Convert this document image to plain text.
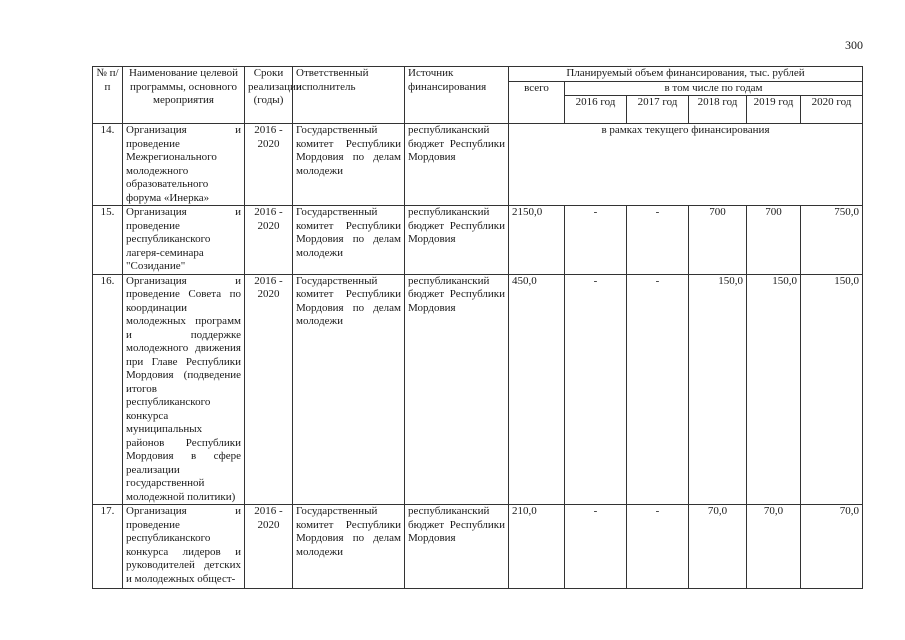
300
№ п/п	Наименование целевой программы, основного мероприятия	Сроки реализации (годы)	Ответственный исполнитель	Источник финансирования	Планируемый объем финансирования, тыс. рублей					
					всего	в том числе по годам				
						2016 год	2017 год	2018 год	2019 год	2020 год
14.	Организация и проведение Межрегионального молодежного образовательного форума «Инерка»	2016 - 2020	Государственный комитет Республики Мордовия по делам молодежи	республиканский бюджет Республики Мордовия	в рамках текущего финансирования					
15.	Организация и проведение республиканского лагеря-семинара "Созидание"	2016 - 2020	Государственный комитет Республики Мордовия по делам молодежи	республиканский бюджет Республики Мордовия	2150,0	-	-	700	700	750,0
16.	Организация и проведение Совета по координации молодежных программ и поддержке молодежного движения при Главе Республики Мордовия (подведение итогов республиканского конкурса муниципальных районов Республики Мордовия в сфере реализации государственной молодежной политики)	2016 - 2020	Государственный комитет Республики Мордовия по делам молодежи	республиканский бюджет Республики Мордовия	450,0	-	-	150,0	150,0	150,0
17.	Организация и проведение республиканского конкурса лидеров и руководителей детских и молодежных общест-	2016 - 2020	Государственный комитет Республики Мордовия по делам молодежи	республиканский бюджет Республики Мордовия	210,0	-	-	70,0	70,0	70,0
